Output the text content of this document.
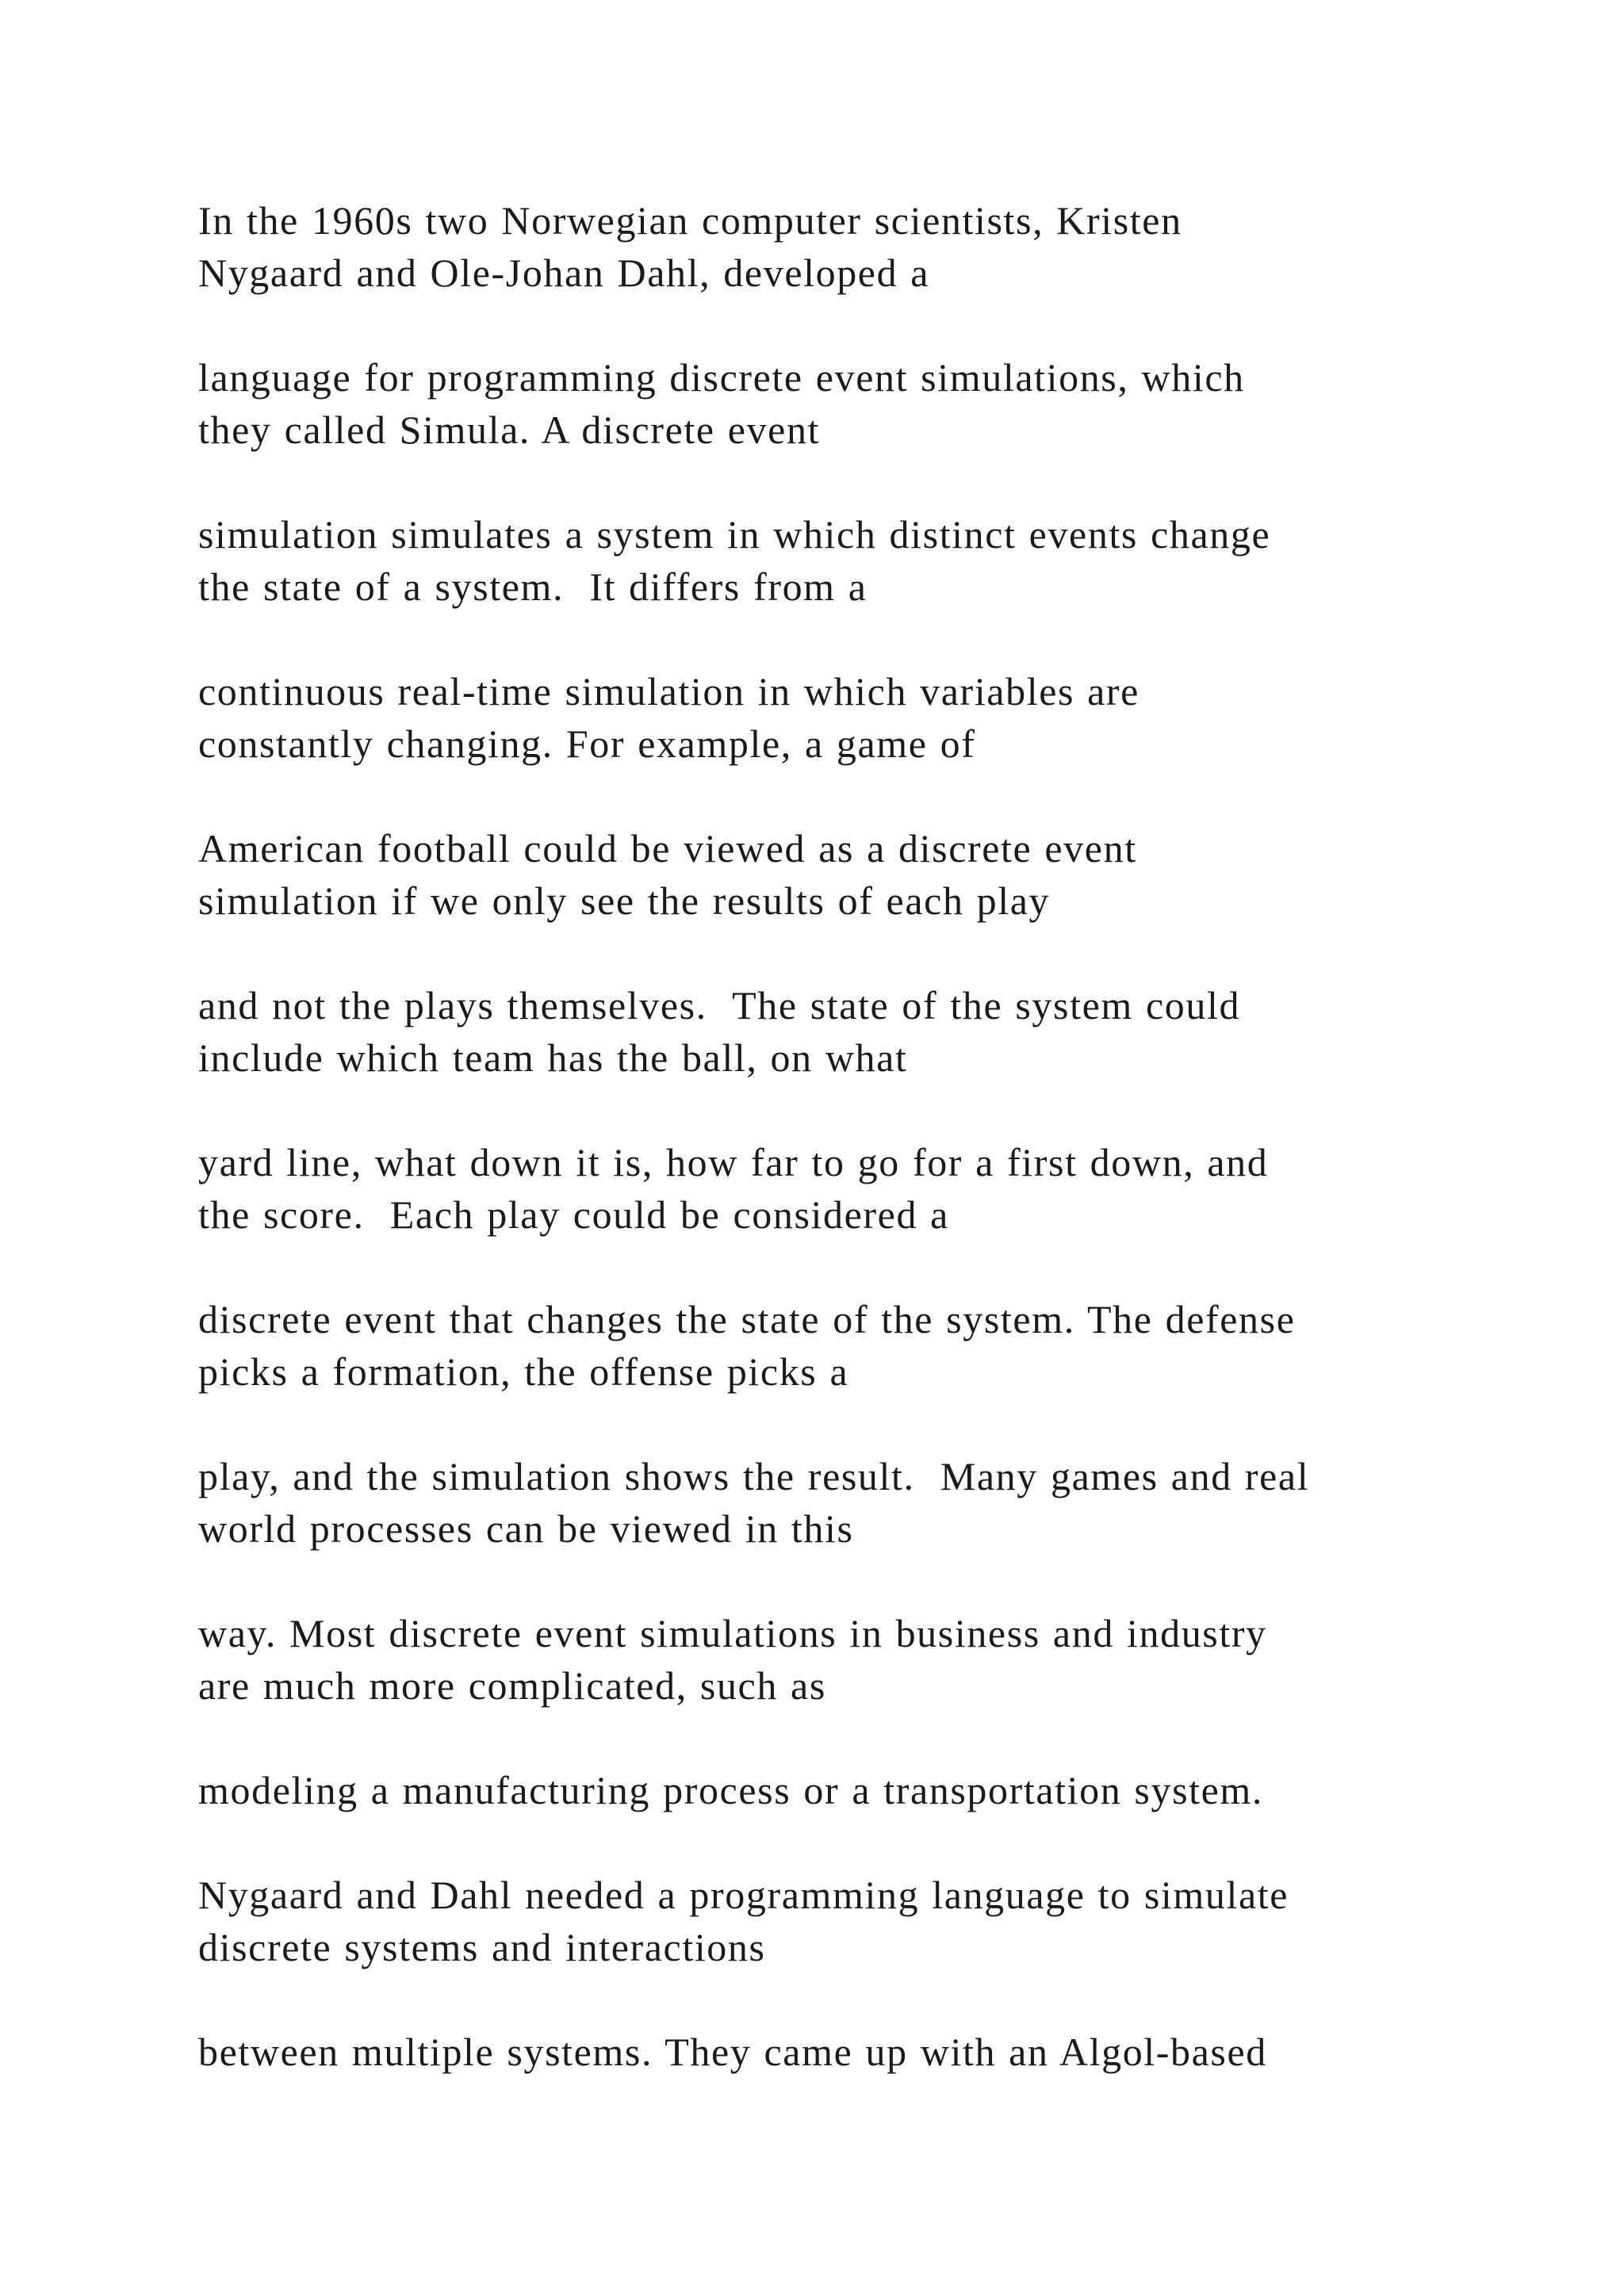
In the 1960s two Norwegian computer scientists, Kristen
Nygaard and Ole-Johan Dahl, developed a

language for programming discrete event simulations, which
they called Simula. A discrete event

simulation simulates a system in which distinct events change
the state of a system.  It differs from a

continuous real-time simulation in which variables are
constantly changing. For example, a game of

American football could be viewed as a discrete event
simulation if we only see the results of each play

and not the plays themselves.  The state of the system could
include which team has the ball, on what

yard line, what down it is, how far to go for a first down, and
the score.  Each play could be considered a

discrete event that changes the state of the system. The defense
picks a formation, the offense picks a

play, and the simulation shows the result.  Many games and real
world processes can be viewed in this

way. Most discrete event simulations in business and industry
are much more complicated, such as

modeling a manufacturing process or a transportation system.

Nygaard and Dahl needed a programming language to simulate
discrete systems and interactions

between multiple systems. They came up with an Algol-based
